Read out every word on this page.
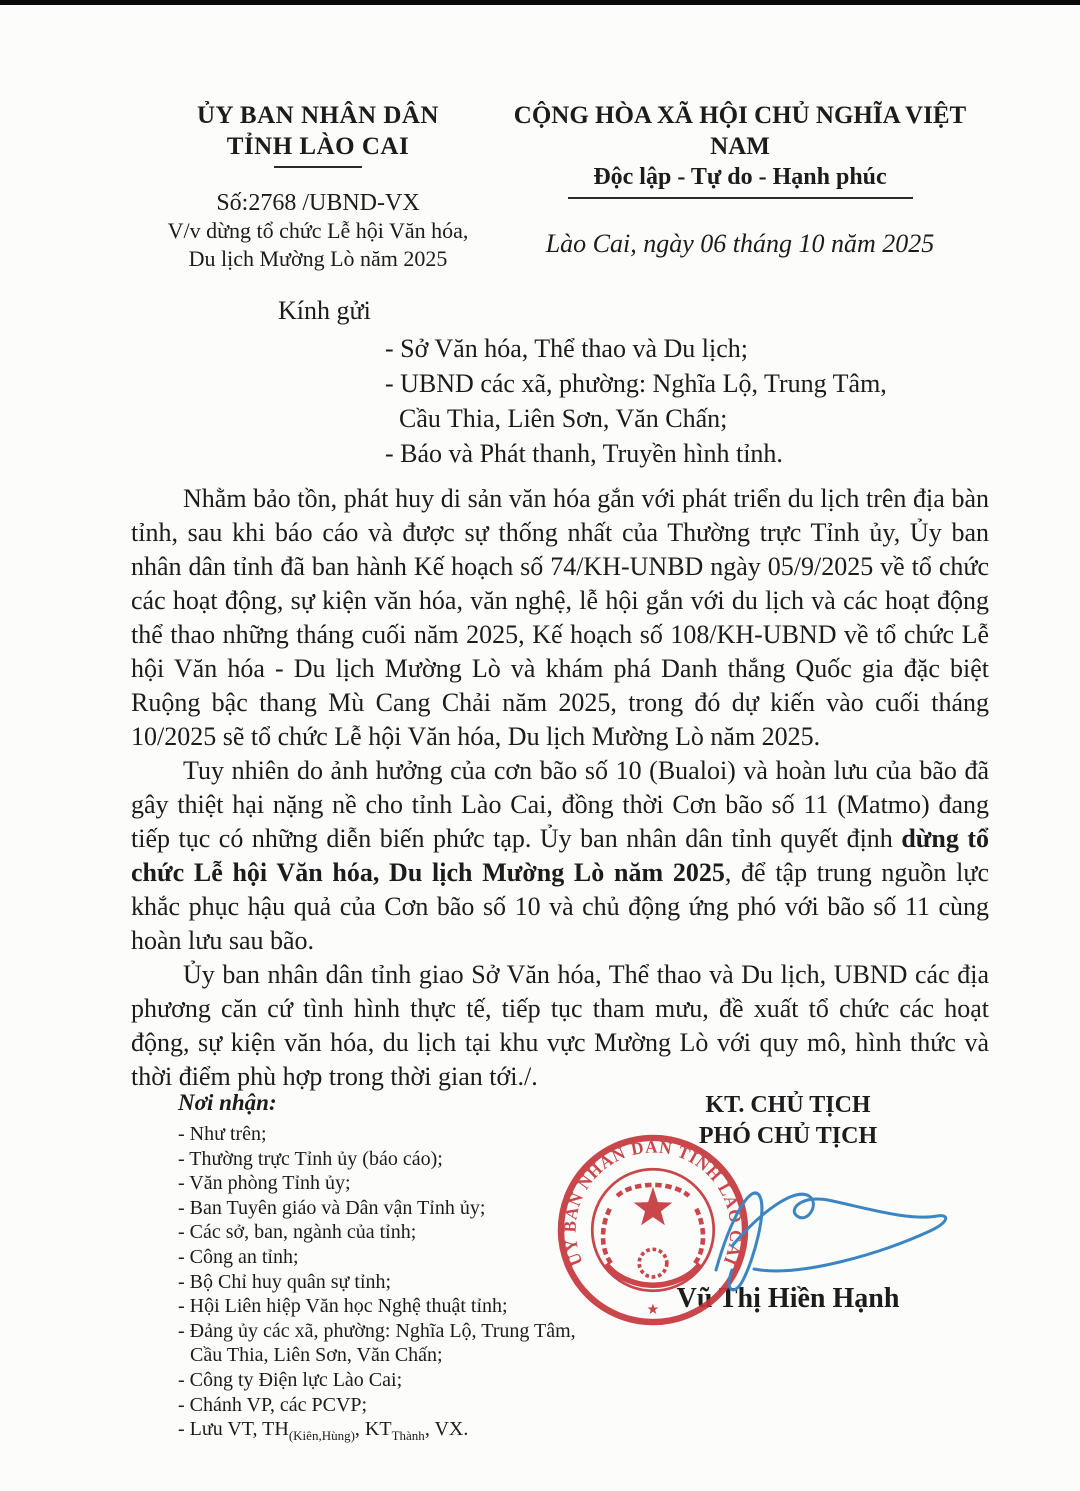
ỦY BAN NHÂN DÂN
TỈNH LÀO CAI
Số:2768 /UBND-VX
V/v dừng tổ chức Lễ hội Văn hóa,
Du lịch Mường Lò năm 2025
CỘNG HÒA XÃ HỘI CHỦ NGHĨA VIỆT NAM
Độc lập - Tự do - Hạnh phúc
Lào Cai, ngày 06 tháng 10 năm 2025
Kính gửi
- Sở Văn hóa, Thể thao và Du lịch;
- UBND các xã, phường: Nghĩa Lộ, Trung Tâm,
Cầu Thia, Liên Sơn, Văn Chấn;
- Báo và Phát thanh, Truyền hình tỉnh.

Nhằm bảo tồn, phát huy di sản văn hóa gắn với phát triển du lịch trên địa bàn tỉnh, sau khi báo cáo và được sự thống nhất của Thường trực Tỉnh ủy, Ủy ban nhân dân tỉnh đã ban hành Kế hoạch số 74/KH-UNBD ngày 05/9/2025 về tổ chức các hoạt động, sự kiện văn hóa, văn nghệ, lễ hội gắn với du lịch và các hoạt động thể thao những tháng cuối năm 2025, Kế hoạch số 108/KH-UBND về tổ chức Lễ hội Văn hóa - Du lịch Mường Lò và khám phá Danh thắng Quốc gia đặc biệt Ruộng bậc thang Mù Cang Chải năm 2025, trong đó dự kiến vào cuối tháng 10/2025 sẽ tổ chức Lễ hội Văn hóa, Du lịch Mường Lò năm 2025.

Tuy nhiên do ảnh hưởng của cơn bão số 10 (Bualoi) và hoàn lưu của bão đã gây thiệt hại nặng nề cho tỉnh Lào Cai, đồng thời Cơn bão số 11 (Matmo) đang tiếp tục có những diễn biến phức tạp. Ủy ban nhân dân tỉnh quyết định dừng tổ chức Lễ hội Văn hóa, Du lịch Mường Lò năm 2025, để tập trung nguồn lực khắc phục hậu quả của Cơn bão số 10 và chủ động ứng phó với bão số 11 cùng hoàn lưu sau bão.

Ủy ban nhân dân tỉnh giao Sở Văn hóa, Thể thao và Du lịch, UBND các địa phương căn cứ tình hình thực tế, tiếp tục tham mưu, đề xuất tổ chức các hoạt động, sự kiện văn hóa, du lịch tại khu vực Mường Lò với quy mô, hình thức và thời điểm phù hợp trong thời gian tới./.

Nơi nhận:
- Như trên;
- Thường trực Tỉnh ủy (báo cáo);
- Văn phòng Tỉnh ủy;
- Ban Tuyên giáo và Dân vận Tỉnh ủy;
- Các sở, ban, ngành của tỉnh;
- Công an tỉnh;
- Bộ Chỉ huy quân sự tỉnh;
- Hội Liên hiệp Văn học Nghệ thuật tỉnh;
- Đảng ủy các xã, phường: Nghĩa Lộ, Trung Tâm,
Cầu Thia, Liên Sơn, Văn Chấn;
- Công ty Điện lực Lào Cai;
- Chánh VP, các PCVP;
- Lưu VT, $TH_{(Kiên,Hùng)}$, $KT_{Thành}$, VX.
KT. CHỦ TỊCH
PHÓ CHỦ TỊCH
Vũ Thị Hiền Hạnh
ỦY BAN NHÂN DÂN TỈNH LÀO CAI
★
